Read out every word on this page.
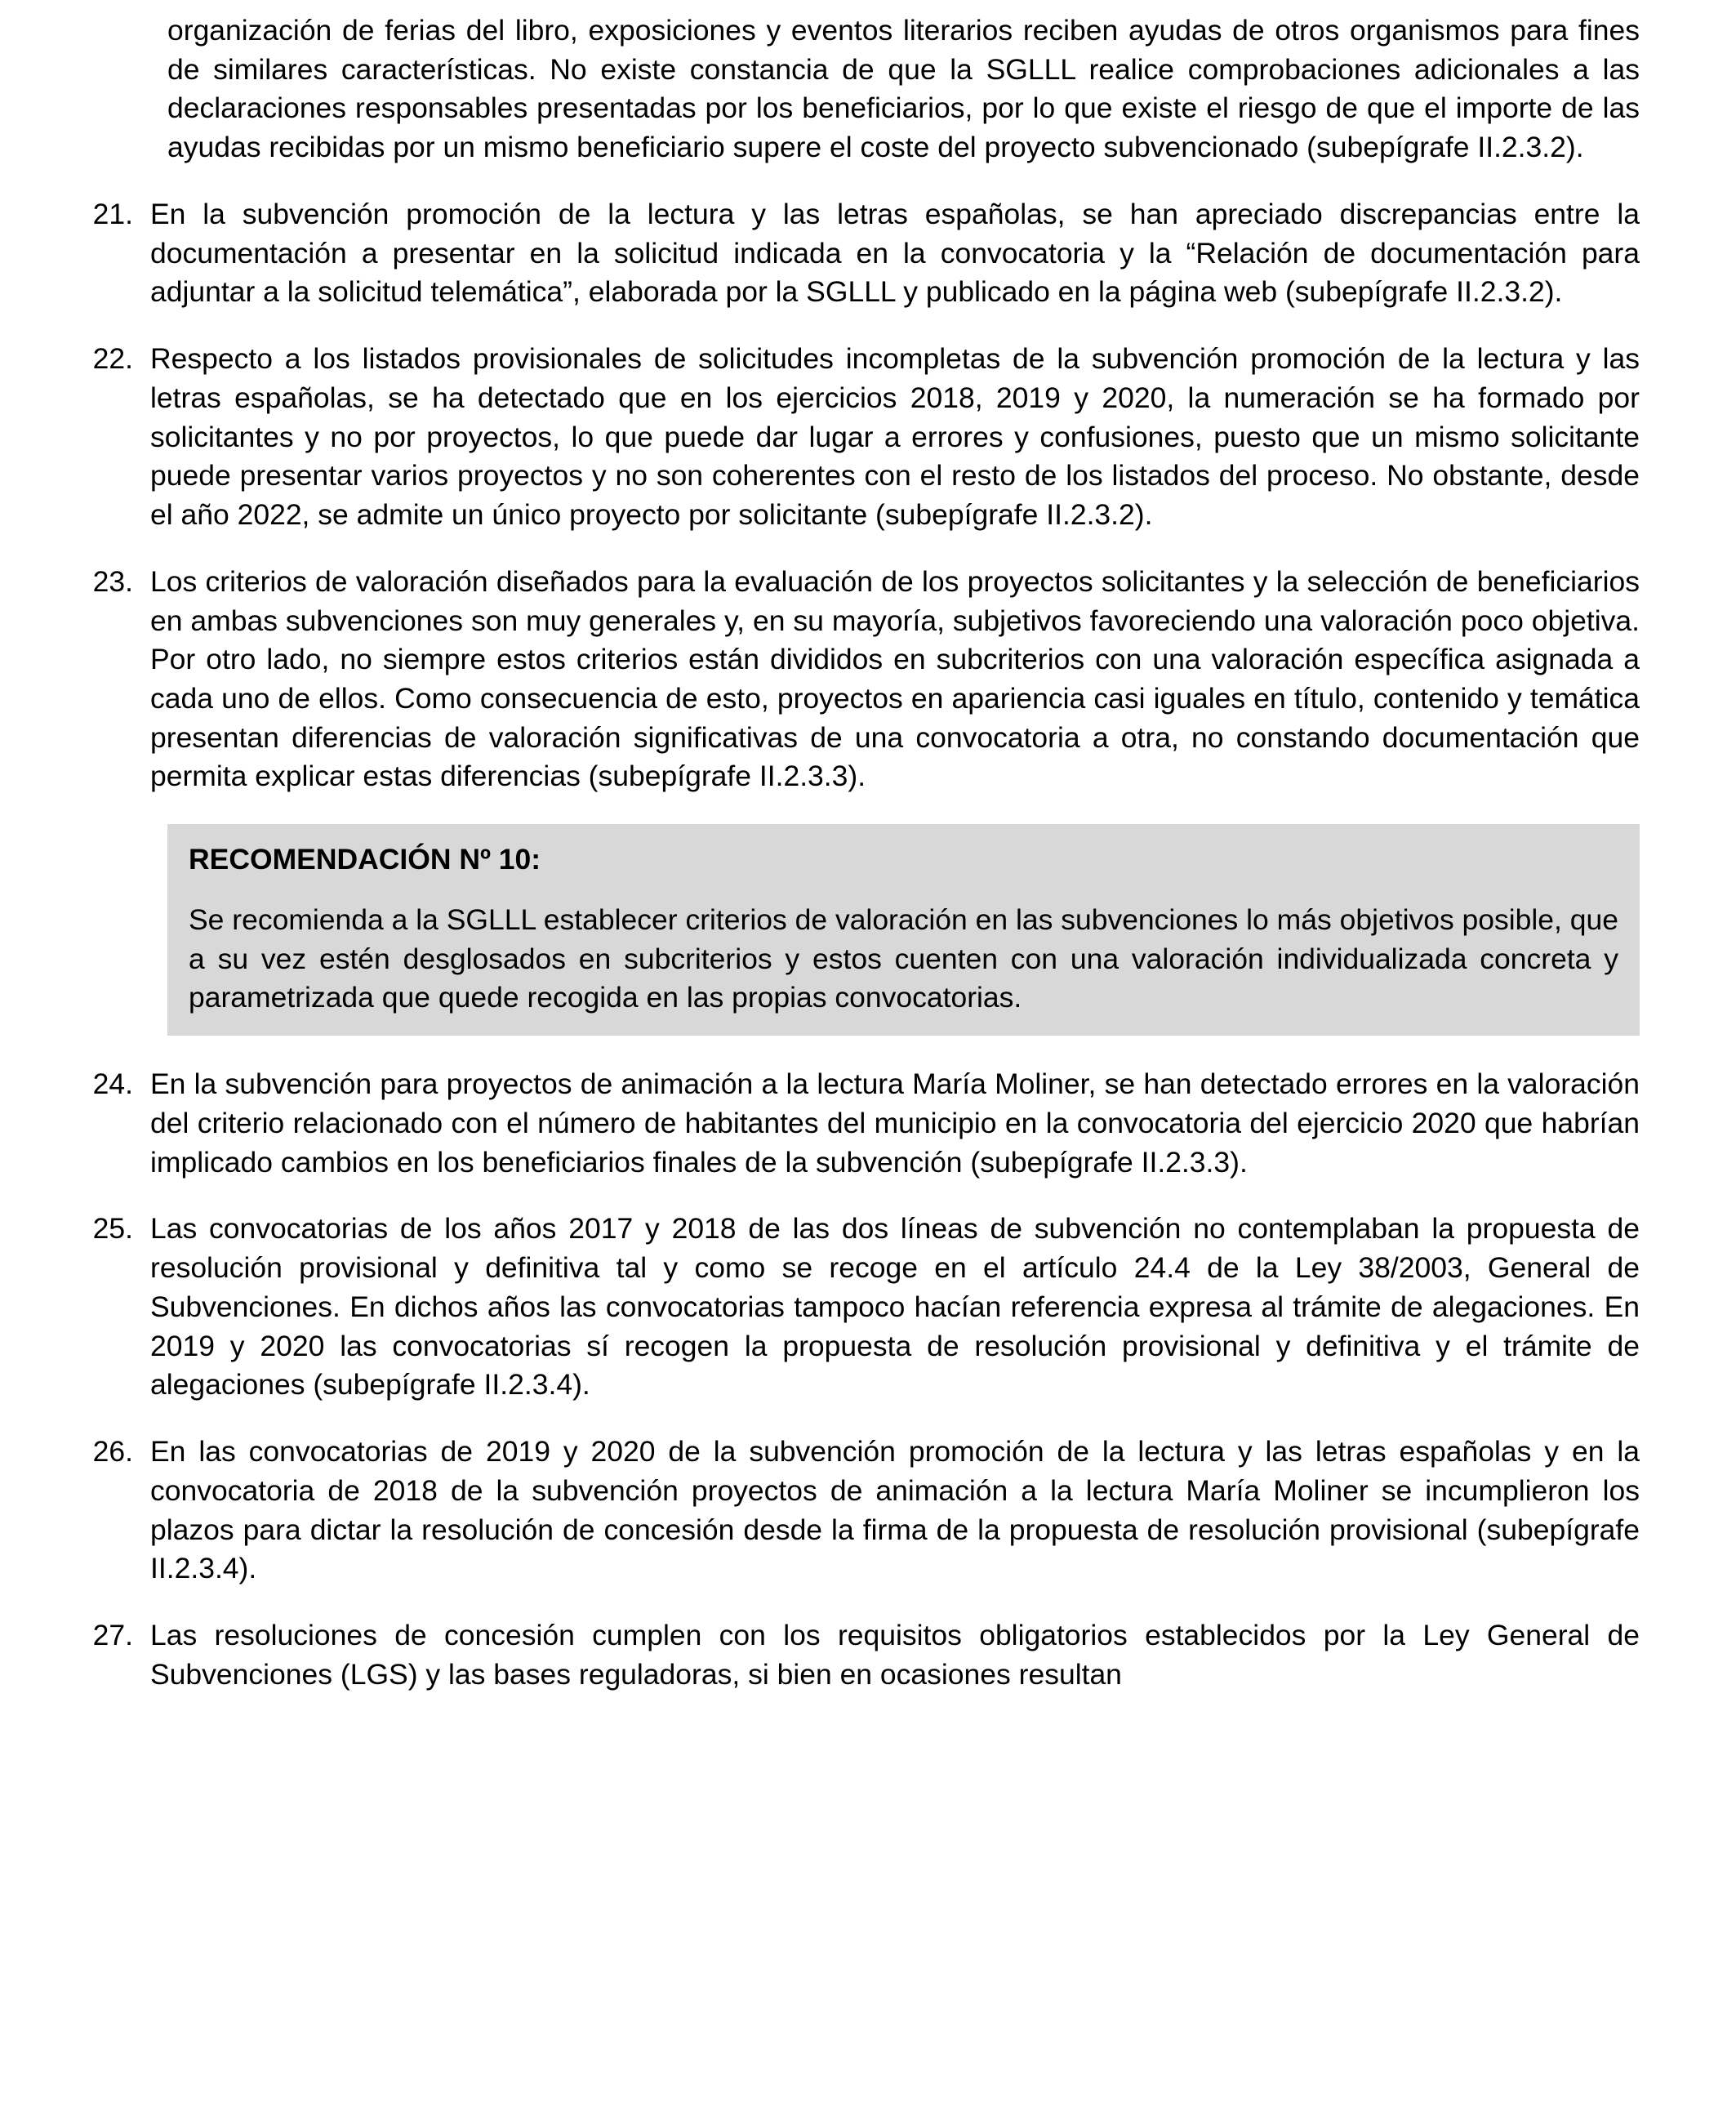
organización de ferias del libro, exposiciones y eventos literarios reciben ayudas de otros organismos para fines de similares características. No existe constancia de que la SGLLL realice comprobaciones adicionales a las declaraciones responsables presentadas por los beneficiarios, por lo que existe el riesgo de que el importe de las ayudas recibidas por un mismo beneficiario supere el coste del proyecto subvencionado (subepígrafe II.2.3.2).

21. En la subvención promoción de la lectura y las letras españolas, se han apreciado discrepancias entre la documentación a presentar en la solicitud indicada en la convocatoria y la “Relación de documentación para adjuntar a la solicitud telemática”, elaborada por la SGLLL y publicado en la página web (subepígrafe II.2.3.2).

22. Respecto a los listados provisionales de solicitudes incompletas de la subvención promoción de la lectura y las letras españolas, se ha detectado que en los ejercicios 2018, 2019 y 2020, la numeración se ha formado por solicitantes y no por proyectos, lo que puede dar lugar a errores y confusiones, puesto que un mismo solicitante puede presentar varios proyectos y no son coherentes con el resto de los listados del proceso. No obstante, desde el año 2022, se admite un único proyecto por solicitante (subepígrafe II.2.3.2).

23. Los criterios de valoración diseñados para la evaluación de los proyectos solicitantes y la selección de beneficiarios en ambas subvenciones son muy generales y, en su mayoría, subjetivos favoreciendo una valoración poco objetiva. Por otro lado, no siempre estos criterios están divididos en subcriterios con una valoración específica asignada a cada uno de ellos. Como consecuencia de esto, proyectos en apariencia casi iguales en título, contenido y temática presentan diferencias de valoración significativas de una convocatoria a otra, no constando documentación que permita explicar estas diferencias (subepígrafe II.2.3.3).

RECOMENDACIÓN Nº 10:

Se recomienda a la SGLLL establecer criterios de valoración en las subvenciones lo más objetivos posible, que a su vez estén desglosados en subcriterios y estos cuenten con una valoración individualizada concreta y parametrizada que quede recogida en las propias convocatorias.

24. En la subvención para proyectos de animación a la lectura María Moliner, se han detectado errores en la valoración del criterio relacionado con el número de habitantes del municipio en la convocatoria del ejercicio 2020 que habrían implicado cambios en los beneficiarios finales de la subvención (subepígrafe II.2.3.3).

25. Las convocatorias de los años 2017 y 2018 de las dos líneas de subvención no contemplaban la propuesta de resolución provisional y definitiva tal y como se recoge en el artículo 24.4 de la Ley 38/2003, General de Subvenciones. En dichos años las convocatorias tampoco hacían referencia expresa al trámite de alegaciones. En 2019 y 2020 las convocatorias sí recogen la propuesta de resolución provisional y definitiva y el trámite de alegaciones (subepígrafe II.2.3.4).

26. En las convocatorias de 2019 y 2020 de la subvención promoción de la lectura y las letras españolas y en la convocatoria de 2018 de la subvención proyectos de animación a la lectura María Moliner se incumplieron los plazos para dictar la resolución de concesión desde la firma de la propuesta de resolución provisional (subepígrafe II.2.3.4).

27. Las resoluciones de concesión cumplen con los requisitos obligatorios establecidos por la Ley General de Subvenciones (LGS) y las bases reguladoras, si bien en ocasiones resultan
